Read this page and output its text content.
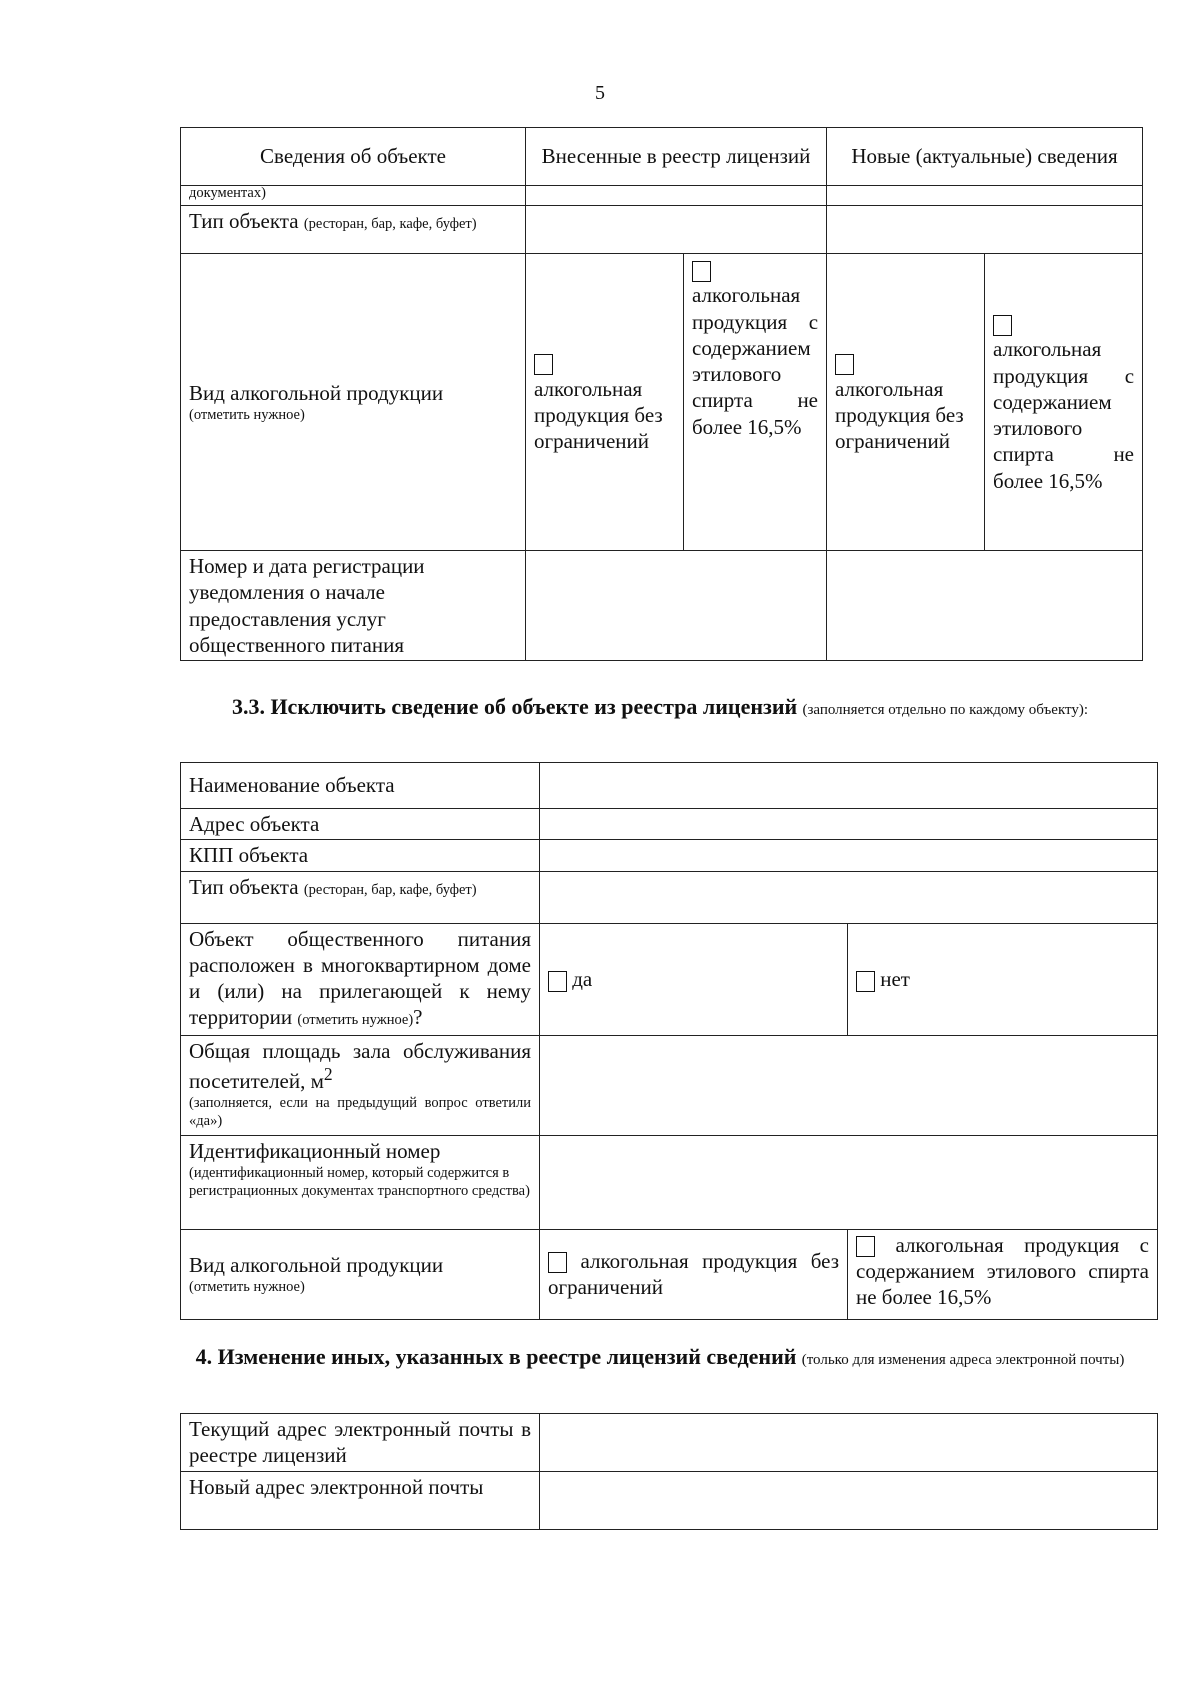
5
Сведения об объекте	Внесенные в реестр лицензий		Новые (актуальные) сведения	
документах)				
Тип объекта (ресторан, бар, кафе, буфет)				

Вид алкогольной продукции
(отметить нужное)	алкогольная продукция без ограничений	алкогольная продукция с содержанием этилового спирта не более 16,5%	алкогольная продукция без ограничений	алкогольная продукция с содержанием этилового спирта не более 16,5%

Номер и дата регистрации уведомления о начале предоставления услуг общественного питания				
3.3. Исключить сведение об объекте из реестра лицензий (заполняется отдельно по каждому объекту):
Наименование объекта		
Адрес объекта		
КПП объекта		
Тип объекта (ресторан, бар, кафе, буфет)		
Объект общественного питания расположен в многоквартирном доме и (или) на прилегающей к нему территории (отметить нужное)?	да	нет
Общая площадь зала обслуживания посетителей, $м^2$
(заполняется, если на предыдущий вопрос ответили «да»)		

Идентификационный номер
(идентификационный номер, который содержится в регистрационных документах транспортного средства)		

Вид алкогольной продукции
(отметить нужное)	алкогольная продукция без ограничений	алкогольная продукция с содержанием этилового спирта не более 16,5%
4. Изменение иных, указанных в реестре лицензий сведений (только для изменения адреса электронной почты)
Текущий адрес электронный почты в реестре лицензий	
Новый адрес электронной почты	
